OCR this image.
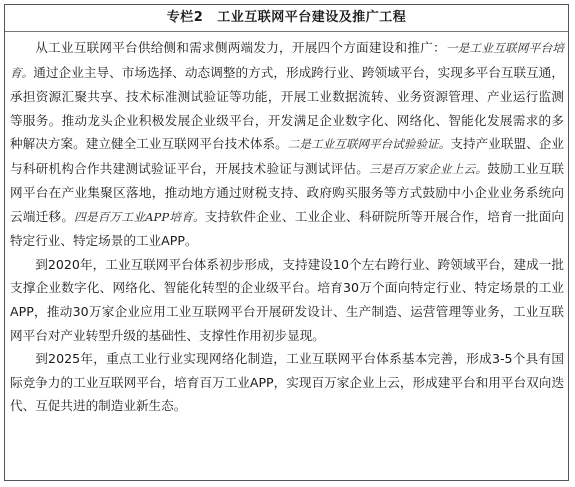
专栏2 工业互联网平台建设及推广工程

从工业互联网平台供给侧和需求侧两端发力，开展四个方面建设和推广：一是工业互联网平台培育。通过企业主导、市场选择、动态调整的方式，形成跨行业、跨领域平台，实现多平台互联互通，承担资源汇聚共享、技术标准测试验证等功能，开展工业数据流转、业务资源管理、产业运行监测等服务。推动龙头企业积极发展企业级平台，开发满足企业数字化、网络化、智能化发展需求的多种解决方案。建立健全工业互联网平台技术体系。二是工业互联网平台试验验证。支持产业联盟、企业与科研机构合作共建测试验证平台，开展技术验证与测试评估。三是百万家企业上云。鼓励工业互联网平台在产业集聚区落地，推动地方通过财税支持、政府购买服务等方式鼓励中小企业业务系统向云端迁移。四是百万工业APP培育。支持软件企业、工业企业、科研院所等开展合作，培育一批面向特定行业、特定场景的工业APP。

到2020年，工业互联网平台体系初步形成，支持建设10个左右跨行业、跨领域平台，建成一批支撑企业数字化、网络化、智能化转型的企业级平台。培育30万个面向特定行业、特定场景的工业APP，推动30万家企业应用工业互联网平台开展研发设计、生产制造、运营管理等业务，工业互联网平台对产业转型升级的基础性、支撑性作用初步显现。

到2025年，重点工业行业实现网络化制造，工业互联网平台体系基本完善，形成3-5个具有国际竞争力的工业互联网平台，培育百万工业APP，实现百万家企业上云，形成建平台和用平台双向迭代、互促共进的制造业新生态。
